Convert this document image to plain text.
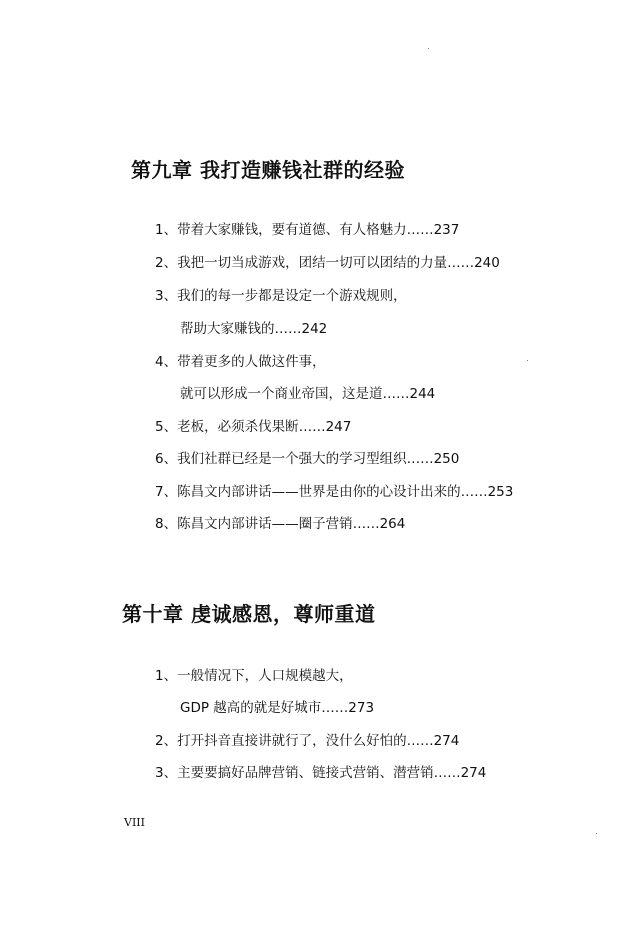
第九章 我打造赚钱社群的经验

1、带着大家赚钱，要有道德、有人格魅力……237

2、我把一切当成游戏，团结一切可以团结的力量……240

3、我们的每一步都是设定一个游戏规则，

帮助大家赚钱的……242

4、带着更多的人做这件事，

就可以形成一个商业帝国，这是道……244

5、老板，必须杀伐果断……247

6、我们社群已经是一个强大的学习型组织……250

7、陈昌文内部讲话——世界是由你的心设计出来的……253

8、陈昌文内部讲话——圈子营销……264

第十章 虔诚感恩，尊师重道

1、一般情况下，人口规模越大，

GDP 越高的就是好城市……273

2、打开抖音直接讲就行了，没什么好怕的……274

3、主要要搞好品牌营销、链接式营销、潜营销……274

VIII
